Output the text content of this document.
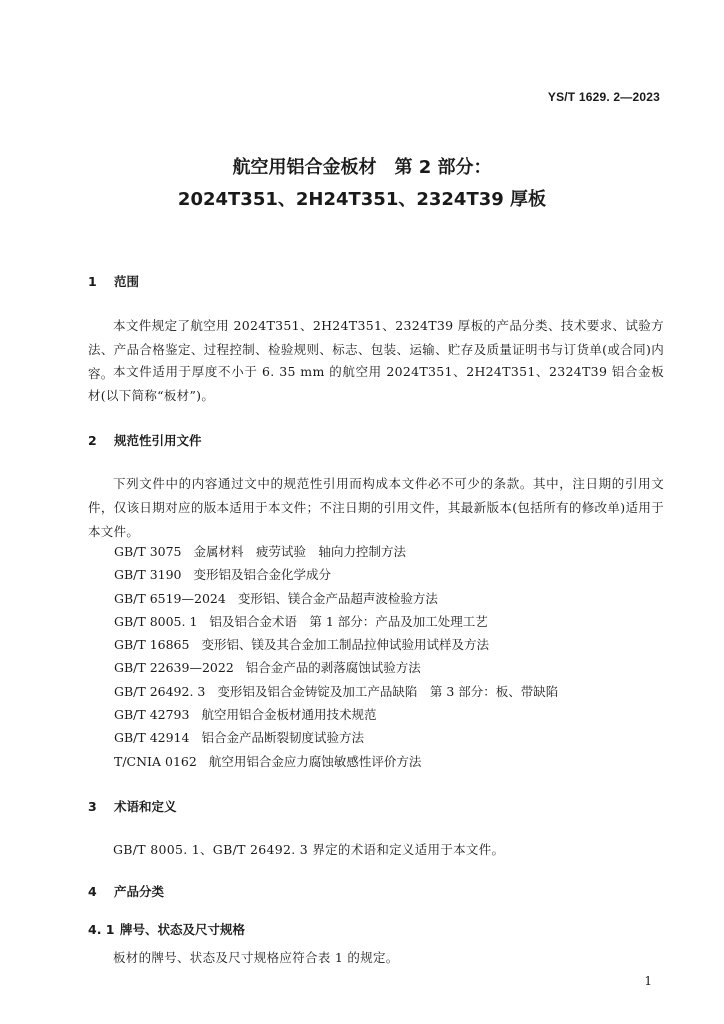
YS/T 1629. 2—2023
航空用铝合金板材　第 2 部分：
2024T351、2H24T351、2324T39 厚板
1 范围
本文件规定了航空用 2024T351、2H24T351、2324T39 厚板的产品分类、技术要求、试验方法、产品合格鉴定、过程控制、检验规则、标志、包装、运输、贮存及质量证明书与订货单(或合同)内容。 本文件适用于厚度不小于 6. 35 mm 的航空用 2024T351、2H24T351、2324T39 铝合金板材(以下简称“板材”)。
2 规范性引用文件
下列文件中的内容通过文中的规范性引用而构成本文件必不可少的条款。其中，注日期的引用文件，仅该日期对应的版本适用于本文件；不注日期的引用文件，其最新版本(包括所有的修改单)适用于本文件。
GB/T 3075 金属材料　疲劳试验　轴向力控制方法
GB/T 3190 变形铝及铝合金化学成分
GB/T 6519—2024 变形铝、镁合金产品超声波检验方法
GB/T 8005. 1 铝及铝合金术语　第 1 部分：产品及加工处理工艺
GB/T 16865 变形铝、镁及其合金加工制品拉伸试验用试样及方法
GB/T 22639—2022 铝合金产品的剥落腐蚀试验方法
GB/T 26492. 3 变形铝及铝合金铸锭及加工产品缺陷　第 3 部分：板、带缺陷
GB/T 42793 航空用铝合金板材通用技术规范
GB/T 42914 铝合金产品断裂韧度试验方法
T/CNIA 0162 航空用铝合金应力腐蚀敏感性评价方法
3 术语和定义
GB/T 8005. 1、GB/T 26492. 3 界定的术语和定义适用于本文件。
4 产品分类
4. 1 牌号、状态及尺寸规格
板材的牌号、状态及尺寸规格应符合表 1 的规定。
1
